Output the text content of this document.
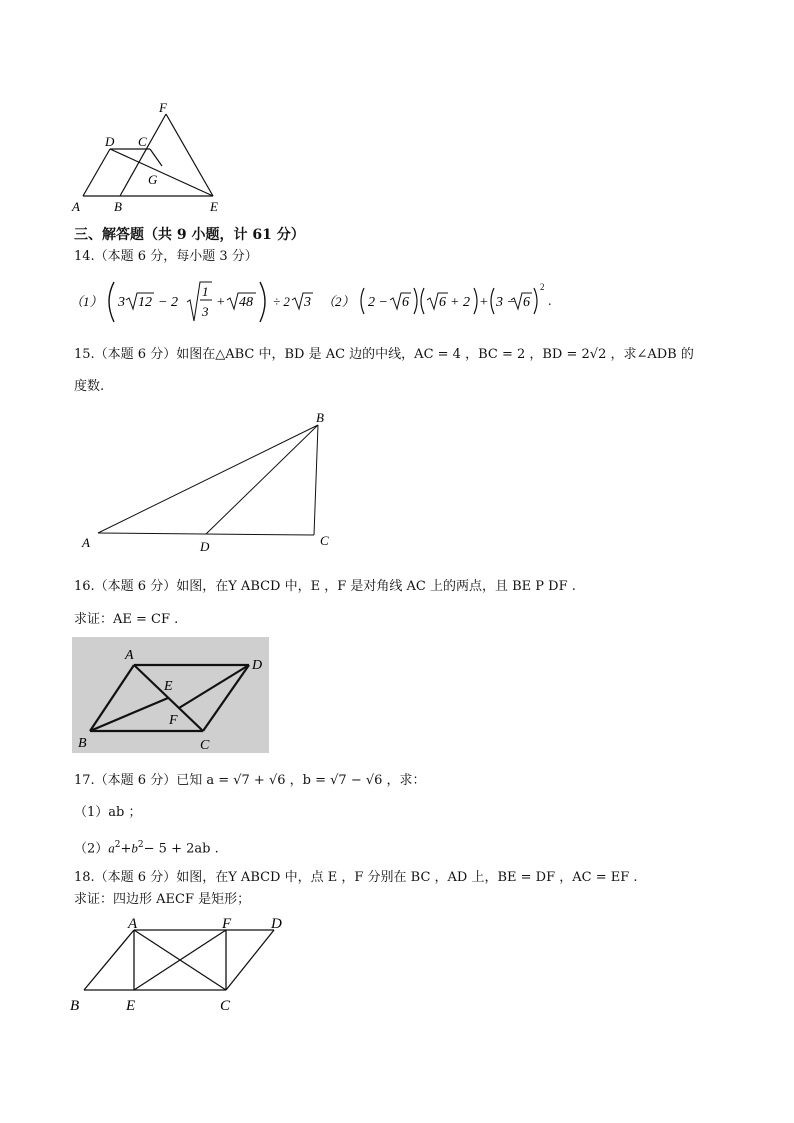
F
D C
G
A	B	E
三、解答题（共 9 小题，计 61 分）
14.（本题 6 分，每小题 3 分）
（1） 3 12 − 2
1
3
+ 48 ÷ 2 3 （2） 2 − 6 6 + 2 + 3 − 6
2
.
15.（本题 6 分）如图在△ABC 中，BD 是 AC 边的中线，AC = 4 ，BC = 2 ，BD = 2√2 ，求∠ADB 的
度数.
A
B
C
D
16.（本题 6 分）如图，在Y ABCD 中，E ，F 是对角线 AC 上的两点，且 BE P DF .
求证：AE = CF .
A
D
E
F
B	C
17.（本题 6 分）已知 a = √7 + √6 ，b = √7 − √6 ，求：
（1）ab ；
$(2)a^2+b^2- 5 + 2ab$ .
18.（本题 6 分）如图，在Y ABCD 中，点 E ，F 分别在 BC ，AD 上，BE = DF ，AC = EF .
求证：四边形 AECF 是矩形；
A	F	D
B	E	C
